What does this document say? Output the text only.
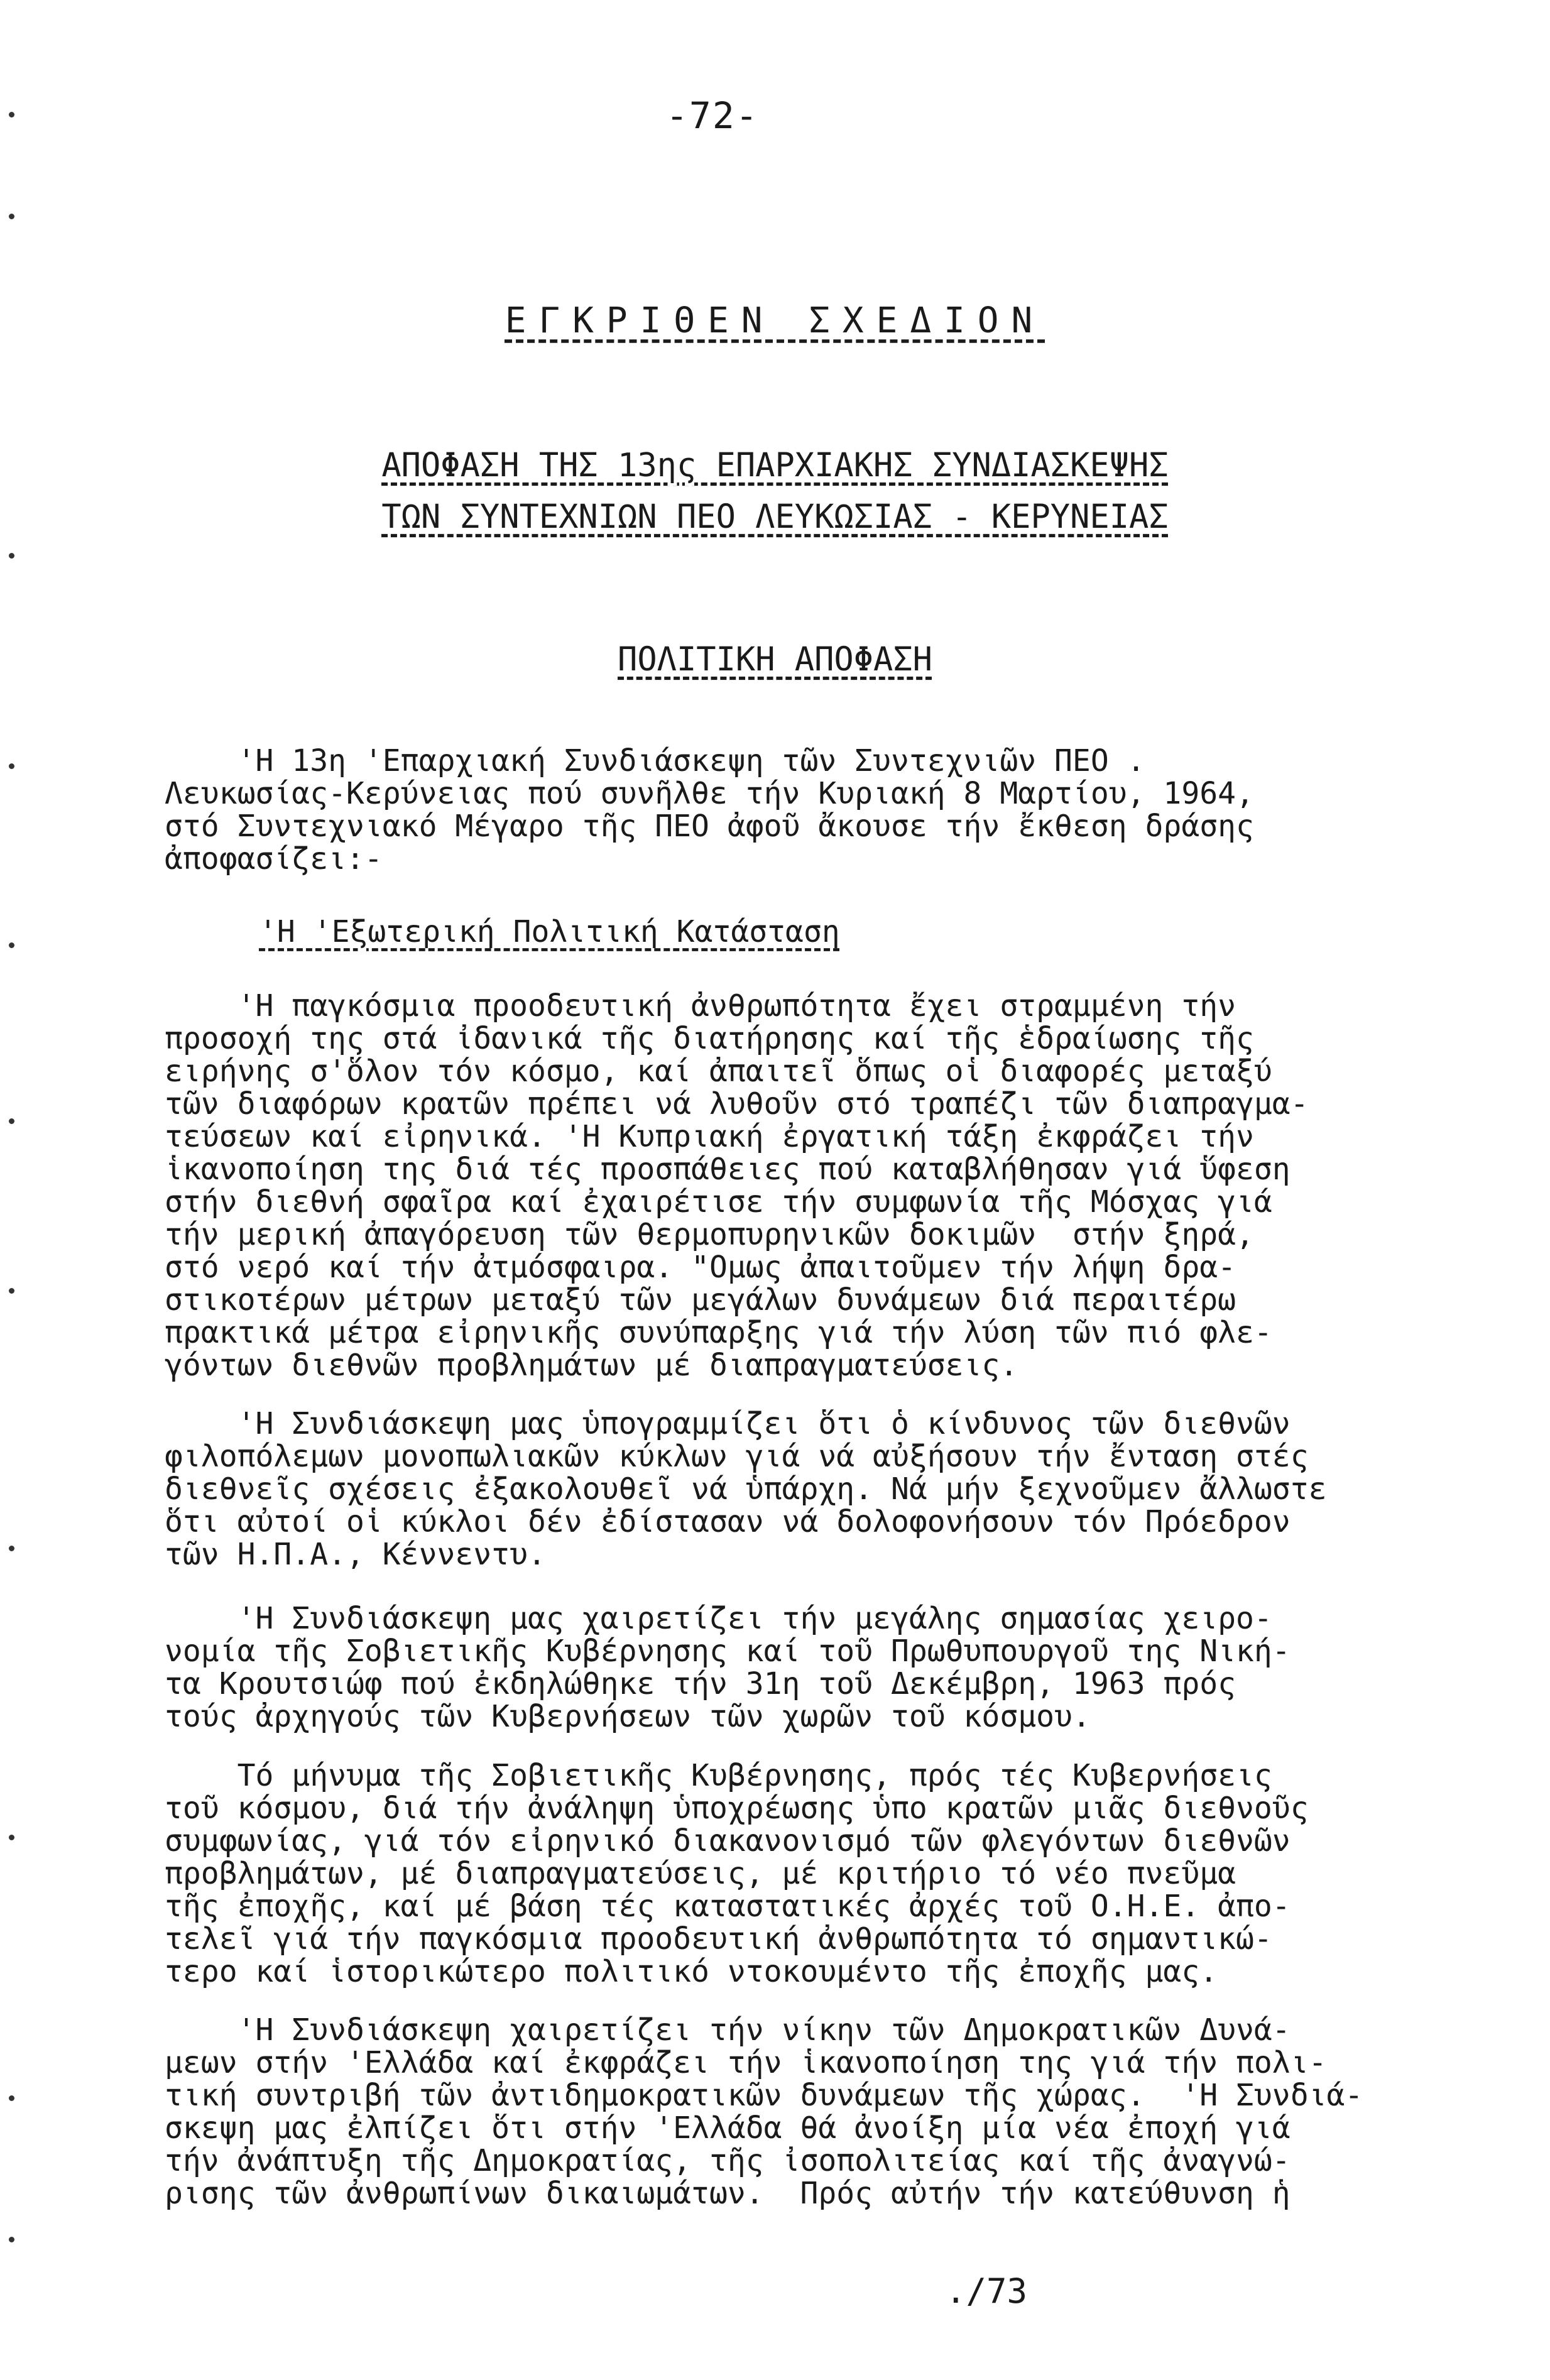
-72-
ΕΓΚΡΙΘΕΝ ΣΧΕΔΙΟΝ
ΑΠΟΦΑΣΗ ΤΗΣ 13ης ΕΠΑΡΧΙΑΚΗΣ ΣΥΝΔΙΑΣΚΕΨΗΣ
ΤΩΝ ΣΥΝΤΕΧΝΙΩΝ ΠΕΟ ΛΕΥΚΩΣΙΑΣ - ΚΕΡΥΝΕΙΑΣ
ΠΟΛΙΤΙΚΗ ΑΠΟΦΑΣΗ
'Η 13η 'Επαρχιακή Συνδιάσκεψη τῶν Συντεχνιῶν ΠΕΟ .
Λευκωσίας-Κερύνειας πού συνῆλθε τήν Κυριακή 8 Μαρτίου, 1964,
στό Συντεχνιακό Μέγαρο τῆς ΠΕΟ ἀφοῦ ἄκουσε τήν ἔκθεση δράσης
ἀποφασίζει:-
'Η 'Εξωτερική Πολιτική Κατάσταση
'Η παγκόσμια προοδευτική ἀνθρωπότητα ἔχει στραμμένη τήν
προσοχή της στά ἰδανικά τῆς διατήρησης καί τῆς ἑδραίωσης τῆς
ειρήνης σ'ὅλον τόν κόσμο, καί ἀπαιτεῖ ὅπως οἱ διαφορές μεταξύ
τῶν διαφόρων κρατῶν πρέπει νά λυθοῦν στό τραπέζι τῶν διαπραγμα-
τεύσεων καί εἰρηνικά. 'Η Κυπριακή ἐργατική τάξη ἐκφράζει τήν
ἱκανοποίηση της διά τές προσπάθειες πού καταβλήθησαν γιά ὕφεση
στήν διεθνή σφαῖρα καί ἐχαιρέτισε τήν συμφωνία τῆς Μόσχας γιά
τήν μερική ἀπαγόρευση τῶν θερμοπυρηνικῶν δοκιμῶν  στήν ξηρά,
στό νερό καί τήν ἀτμόσφαιρα. "Ομως ἀπαιτοῦμεν τήν λήψη δρα-
στικοτέρων μέτρων μεταξύ τῶν μεγάλων δυνάμεων διά περαιτέρω
πρακτικά μέτρα εἰρηνικῆς συνύπαρξης γιά τήν λύση τῶν πιό φλε-
γόντων διεθνῶν προβλημάτων μέ διαπραγματεύσεις.
'Η Συνδιάσκεψη μας ὑπογραμμίζει ὅτι ὁ κίνδυνος τῶν διεθνῶν
φιλοπόλεμων μονοπωλιακῶν κύκλων γιά νά αὐξήσουν τήν ἔνταση στές
διεθνεῖς σχέσεις ἐξακολουθεῖ νά ὑπάρχη. Νά μήν ξεχνοῦμεν ἄλλωστε
ὅτι αὐτοί οἱ κύκλοι δέν ἐδίστασαν νά δολοφονήσουν τόν Πρόεδρον
τῶν Η.Π.Α., Κέννεντυ.
'Η Συνδιάσκεψη μας χαιρετίζει τήν μεγάλης σημασίας χειρο-
νομία τῆς Σοβιετικῆς Κυβέρνησης καί τοῦ Πρωθυπουργοῦ της Νική-
τα Κρουτσιώφ πού ἐκδηλώθηκε τήν 31η τοῦ Δεκέμβρη, 1963 πρός
τούς ἀρχηγούς τῶν Κυβερνήσεων τῶν χωρῶν τοῦ κόσμου.
Τό μήνυμα τῆς Σοβιετικῆς Κυβέρνησης, πρός τές Κυβερνήσεις
τοῦ κόσμου, διά τήν ἀνάληψη ὑποχρέωσης ὑπο κρατῶν μιᾶς διεθνοῦς
συμφωνίας, γιά τόν εἰρηνικό διακανονισμό τῶν φλεγόντων διεθνῶν
προβλημάτων, μέ διαπραγματεύσεις, μέ κριτήριο τό νέο πνεῦμα
τῆς ἐποχῆς, καί μέ βάση τές καταστατικές ἀρχές τοῦ Ο.Η.Ε. ἀπο-
τελεῖ γιά τήν παγκόσμια προοδευτική ἀνθρωπότητα τό σημαντικώ-
τερο καί ἱστορικώτερο πολιτικό ντοκουμέντο τῆς ἐποχῆς μας.
'Η Συνδιάσκεψη χαιρετίζει τήν νίκην τῶν Δημοκρατικῶν Δυνά-
μεων στήν 'Ελλάδα καί ἐκφράζει τήν ἱκανοποίηση της γιά τήν πολι-
τική συντριβή τῶν ἀντιδημοκρατικῶν δυνάμεων τῆς χώρας.  'Η Συνδιά-
σκεψη μας ἐλπίζει ὅτι στήν 'Ελλάδα θά ἀνοίξη μία νέα ἐποχή γιά
τήν ἀνάπτυξη τῆς Δημοκρατίας, τῆς ἰσοπολιτείας καί τῆς ἀναγνώ-
ρισης τῶν ἀνθρωπίνων δικαιωμάτων.  Πρός αὐτήν τήν κατεύθυνση ἡ
./73
